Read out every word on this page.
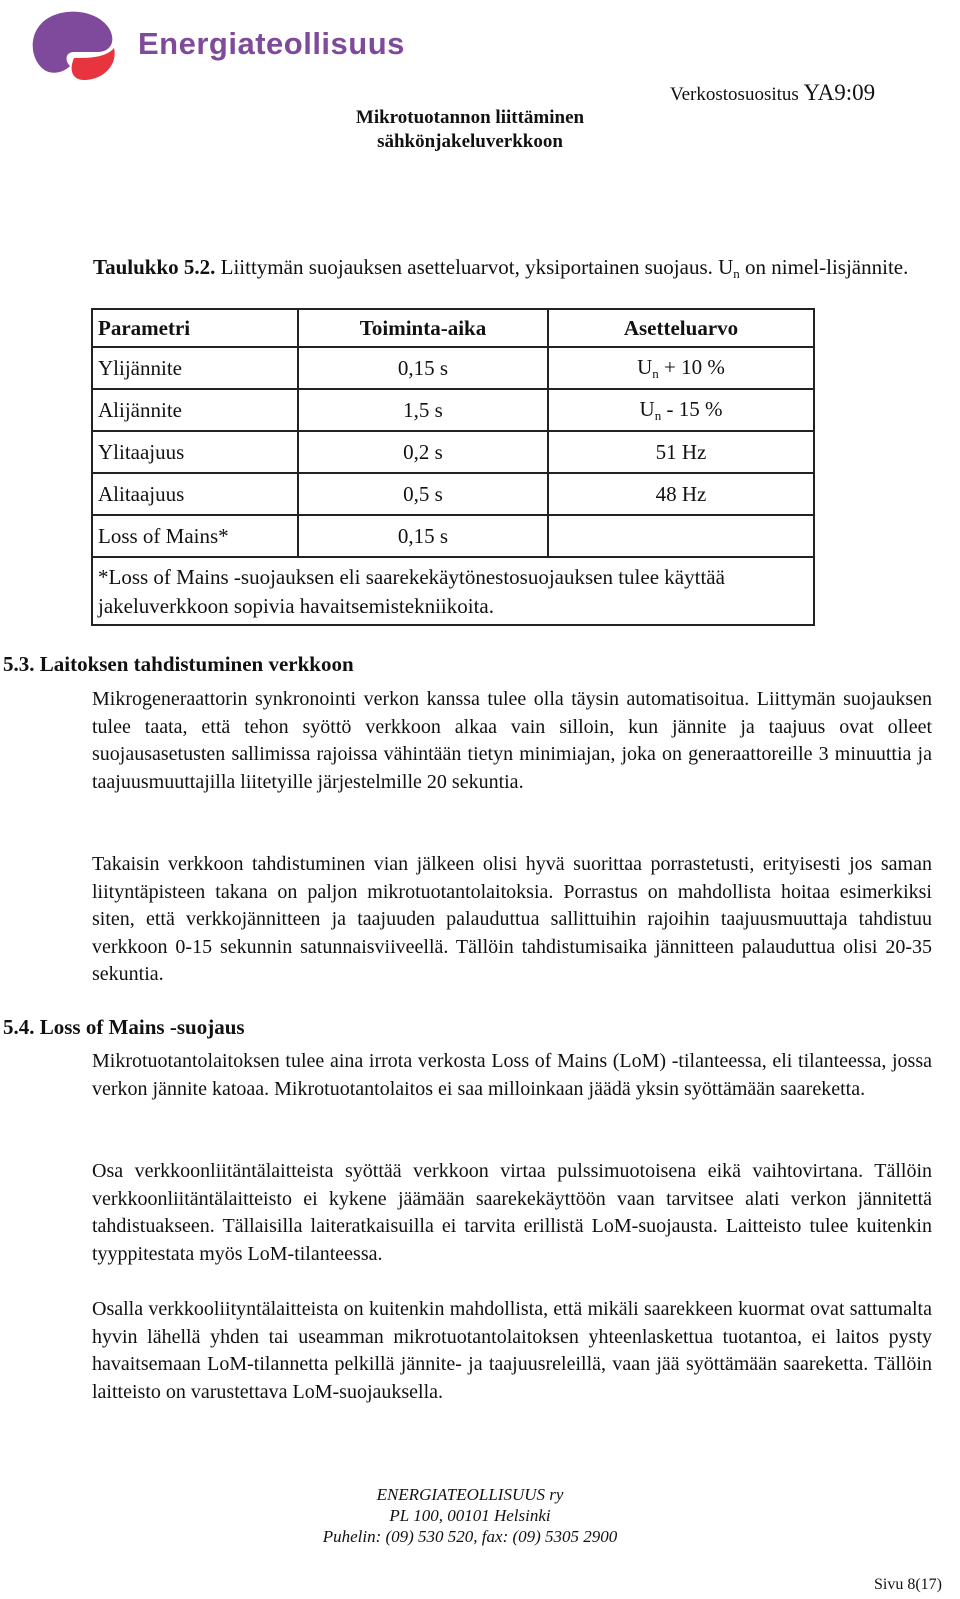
Energiateollisuus
Verkostosuositus YA9:09
Mikrotuotannon liittäminen
sähkönjakeluverkkoon
Taulukko 5.2. Liittymän suojauksen asetteluarvot, yksiportainen suojaus. $U_n$ on nimel-lisjännite.
Parametri	Toiminta-aika	Asetteluarvo
Ylijännite	0,15 s	$U_n + 10$ %
Alijännite	1,5 s	$U_n - 15$ %
Ylitaajuus	0,2 s	51 Hz
Alitaajuus	0,5 s	48 Hz
Loss of Mains*	0,15 s	
*Loss of Mains -suojauksen eli saarekekäytönestosuojauksen tulee käyttää jakeluverkkoon sopivia havaitsemistekniikoita.		
5.3. Laitoksen tahdistuminen verkkoon
Mikrogeneraattorin synkronointi verkon kanssa tulee olla täysin automatisoitua. Liittymän suojauksen tulee taata, että tehon syöttö verkkoon alkaa vain silloin, kun jännite ja taajuus ovat olleet suojausasetusten sallimissa rajoissa vähintään tietyn minimiajan, joka on generaattoreille 3 minuuttia ja taajuusmuuttajilla liitetyille järjestelmille 20 sekuntia.
Takaisin verkkoon tahdistuminen vian jälkeen olisi hyvä suorittaa porrastetusti, erityisesti jos saman liityntäpisteen takana on paljon mikrotuotantolaitoksia. Porrastus on mahdollista hoitaa esimerkiksi siten, että verkkojännitteen ja taajuuden palauduttua sallittuihin rajoihin taajuusmuuttaja tahdistuu verkkoon 0-15 sekunnin satunnaisviiveellä. Tällöin tahdistumisaika jännitteen palauduttua olisi 20-35 sekuntia.
5.4. Loss of Mains -suojaus
Mikrotuotantolaitoksen tulee aina irrota verkosta Loss of Mains (LoM) -tilanteessa, eli tilanteessa, jossa verkon jännite katoaa. Mikrotuotantolaitos ei saa milloinkaan jäädä yksin syöttämään saareketta.
Osa verkkoonliitäntälaitteista syöttää verkkoon virtaa pulssimuotoisena eikä vaihtovirtana. Tällöin verkkoonliitäntälaitteisto ei kykene jäämään saarekekäyttöön vaan tarvitsee alati verkon jännitettä tahdistuakseen. Tällaisilla laiteratkaisuilla ei tarvita erillistä LoM-suojausta. Laitteisto tulee kuitenkin tyyppitestata myös LoM-tilanteessa.
Osalla verkkooliityntälaitteista on kuitenkin mahdollista, että mikäli saarekkeen kuormat ovat sattumalta hyvin lähellä yhden tai useamman mikrotuotantolaitoksen yhteenlaskettua tuotantoa, ei laitos pysty havaitsemaan LoM-tilannetta pelkillä jännite- ja taajuusreleillä, vaan jää syöttämään saareketta. Tällöin laitteisto on varustettava LoM-suojauksella.
ENERGIATEOLLISUUS ry
PL 100, 00101 Helsinki
Puhelin: (09) 530 520, fax: (09) 5305 2900
Sivu 8(17)
